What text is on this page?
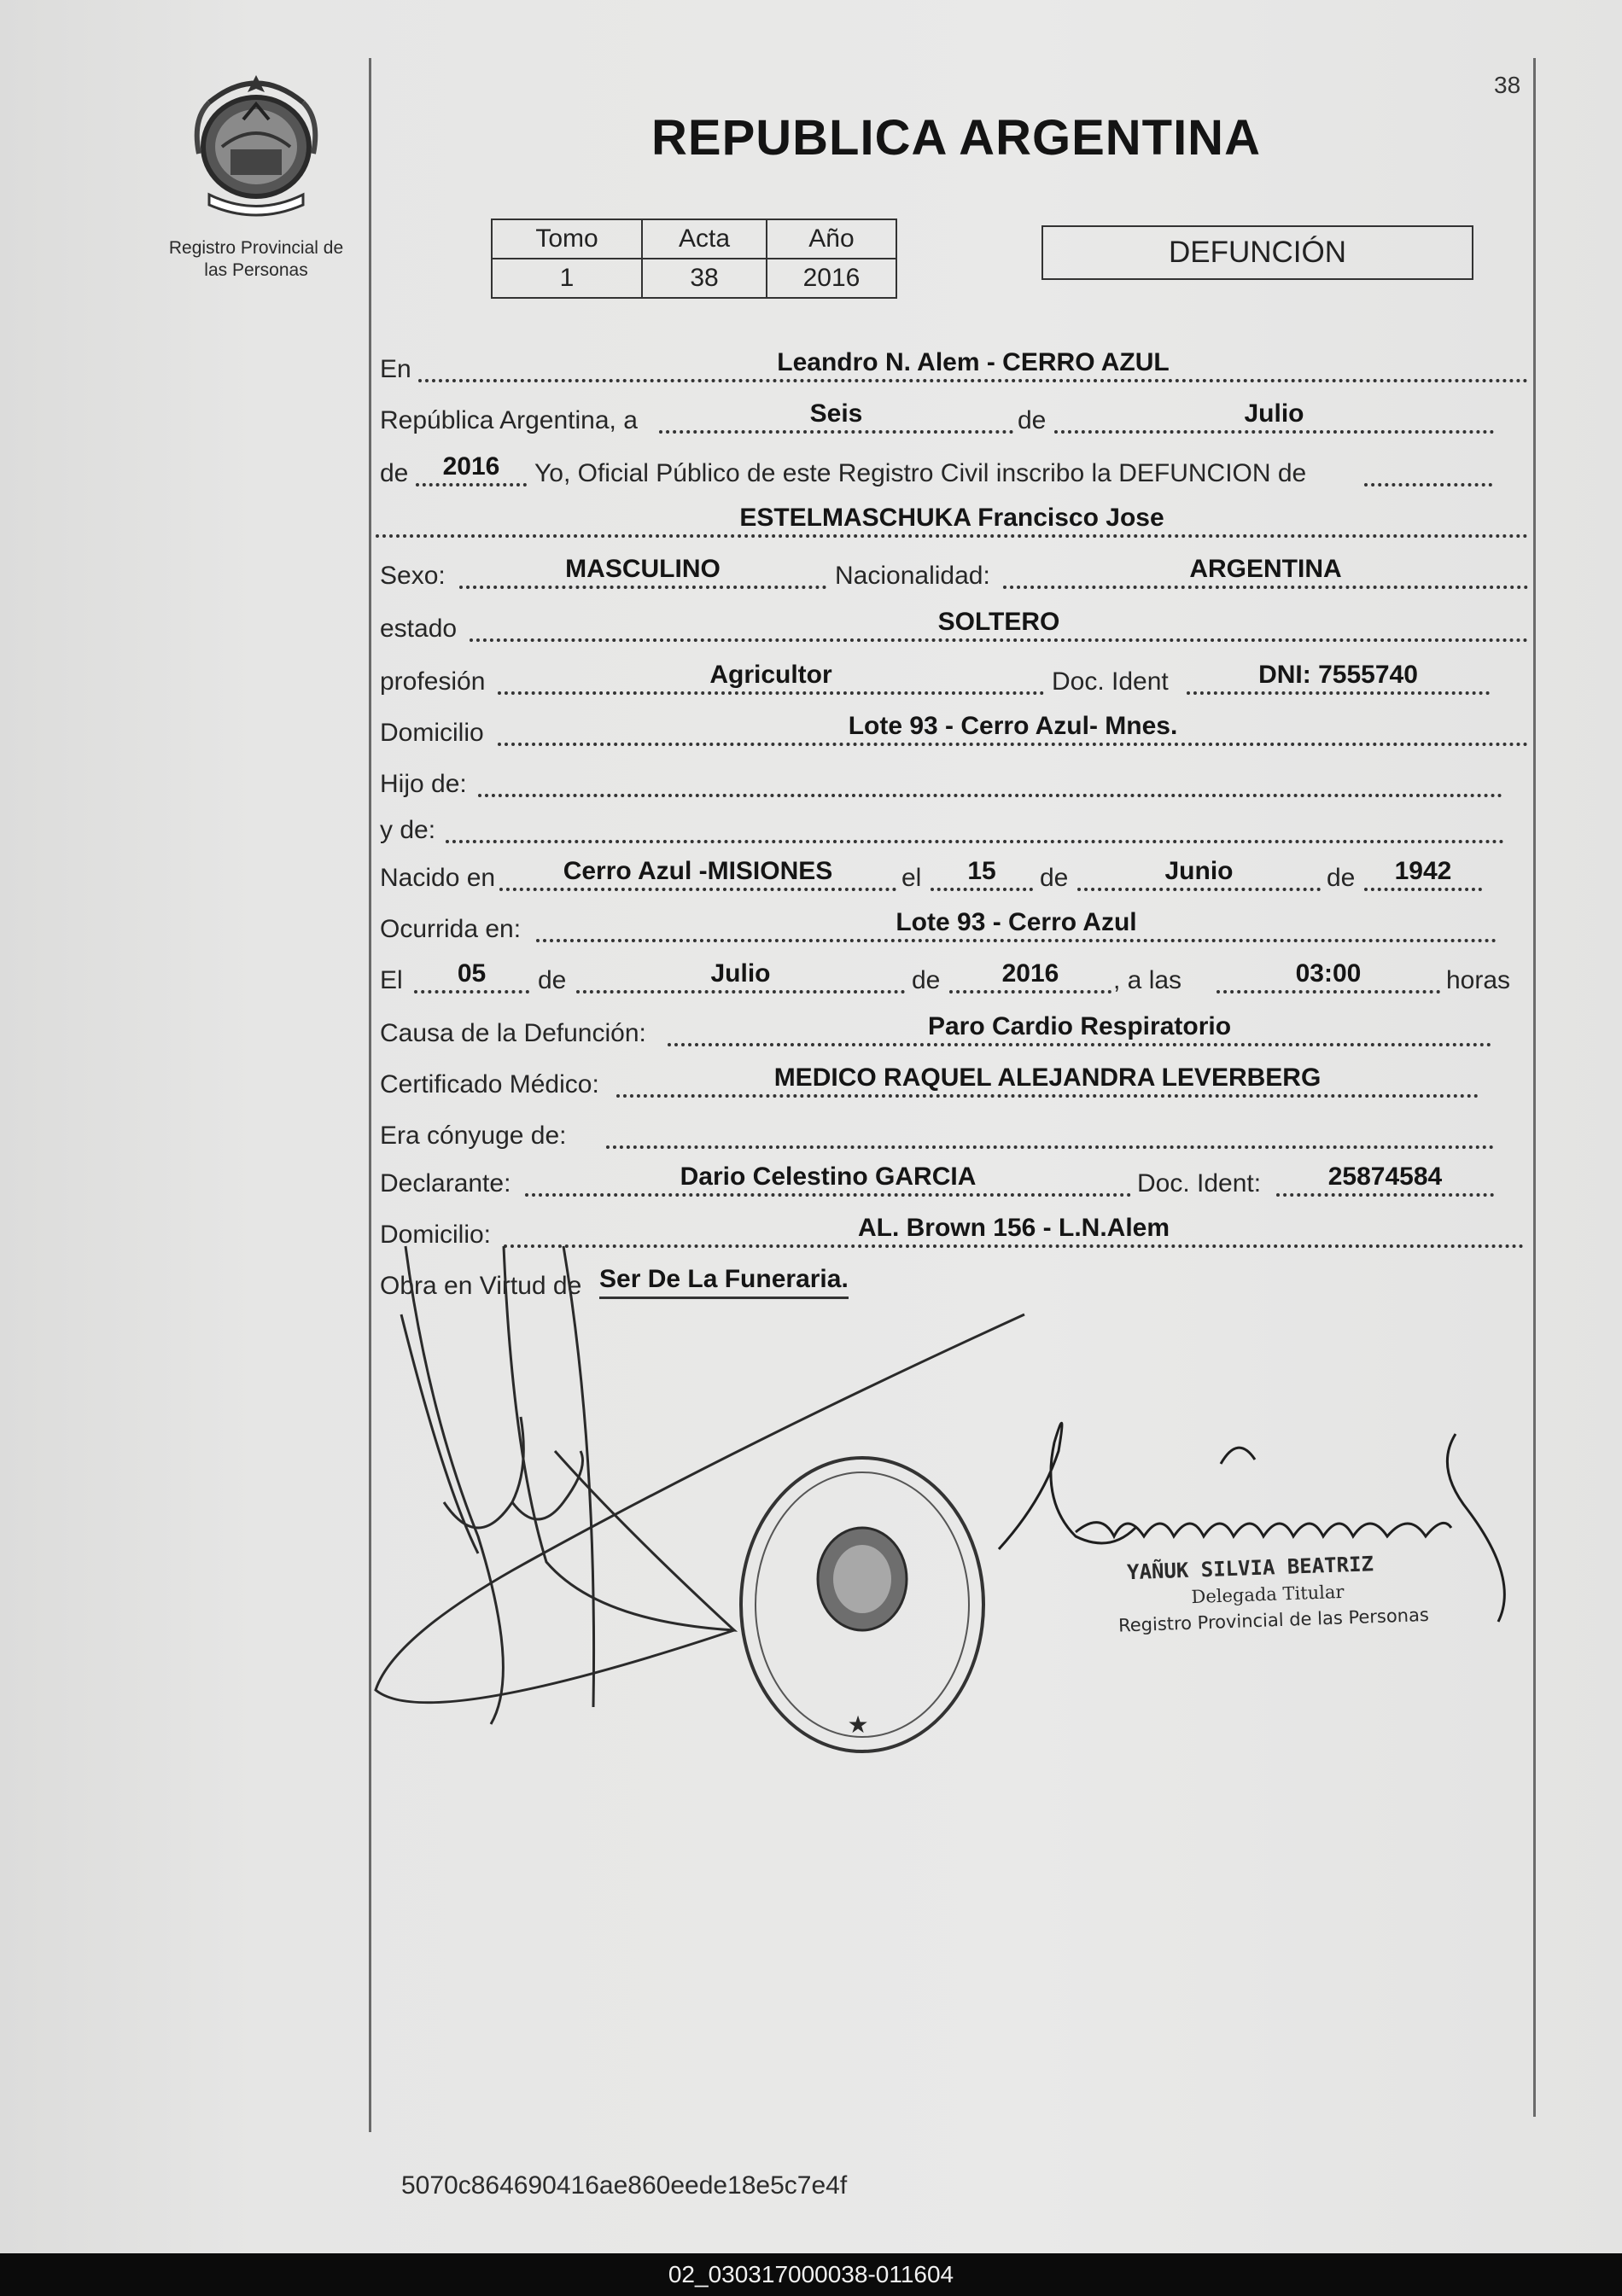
Registro Provincial de
las Personas
38
REPUBLICA ARGENTINA
Tomo	Acta	Año
1	38	2016
DEFUNCIÓN
En	Leandro N. Alem - CERRO AZUL
República Argentina, a	Seis	de	Julio
de	2016	Yo, Oficial Público de este Registro Civil inscribo la DEFUNCION de
ESTELMASCHUKA Francisco Jose
Sexo:	MASCULINO	Nacionalidad:	ARGENTINA
estado	SOLTERO
profesión	Agricultor	Doc. Ident	DNI: 7555740
Domicilio	Lote 93 - Cerro Azul- Mnes.
Hijo de:
y de:
Nacido en	Cerro Azul -MISIONES	el	15	de	Junio	de	1942
Ocurrida en:	Lote 93 - Cerro Azul
El	05	de	Julio	de	2016	, a las	03:00	horas
Causa de la Defunción:	Paro Cardio Respiratorio
Certificado Médico:	MEDICO RAQUEL ALEJANDRA LEVERBERG
Era cónyuge de:
Declarante:	Dario Celestino GARCIA	Doc. Ident:	25874584
Domicilio:	AL. Brown 156 - L.N.Alem
Obra en Virtud de Ser De La Funeraria.
★
YAÑUK SILVIA BEATRIZ
Delegada Titular
Registro Provincial de las Personas
5070c864690416ae860eede18e5c7e4f
02_030317000038-011604
